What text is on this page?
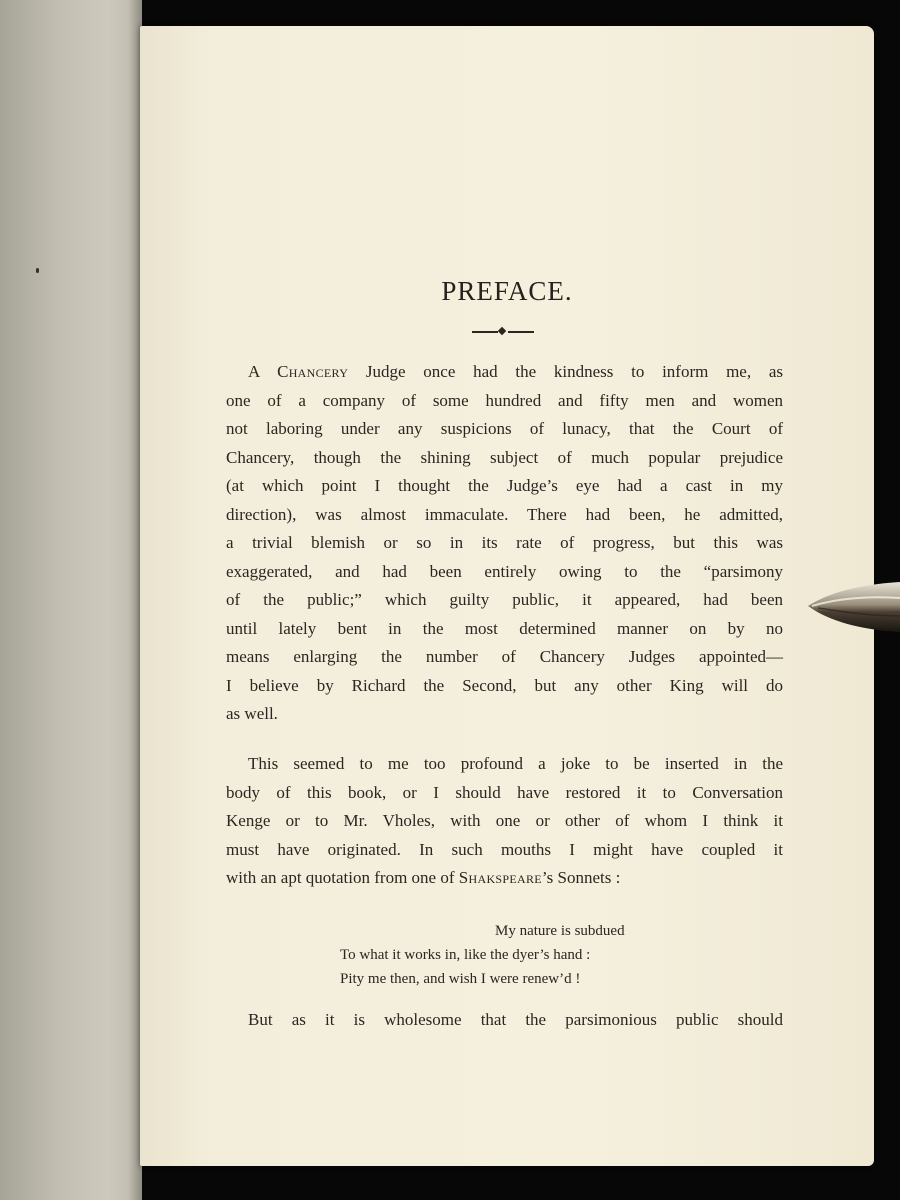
PREFACE.
A Chancery Judge once had the kindness to inform me, as
one of a company of some hundred and fifty men and women
not laboring under any suspicions of lunacy, that the Court of
Chancery, though the shining subject of much popular prejudice
(at which point I thought the Judge’s eye had a cast in my
direction), was almost immaculate. There had been, he admitted,
a trivial blemish or so in its rate of progress, but this was
exaggerated, and had been entirely owing to the “parsimony
of the public;” which guilty public, it appeared, had been
until lately bent in the most determined manner on by no
means enlarging the number of Chancery Judges appointed—
I believe by Richard the Second, but any other King will do
as well.
This seemed to me too profound a joke to be inserted in the
body of this book, or I should have restored it to Conversation
Kenge or to Mr. Vholes, with one or other of whom I think it
must have originated. In such mouths I might have coupled it
with an apt quotation from one of Shakspeare’s Sonnets :
My nature is subdued
To what it works in, like the dyer’s hand :
Pity me then, and wish I were renew’d !
But as it is wholesome that the parsimonious public should
